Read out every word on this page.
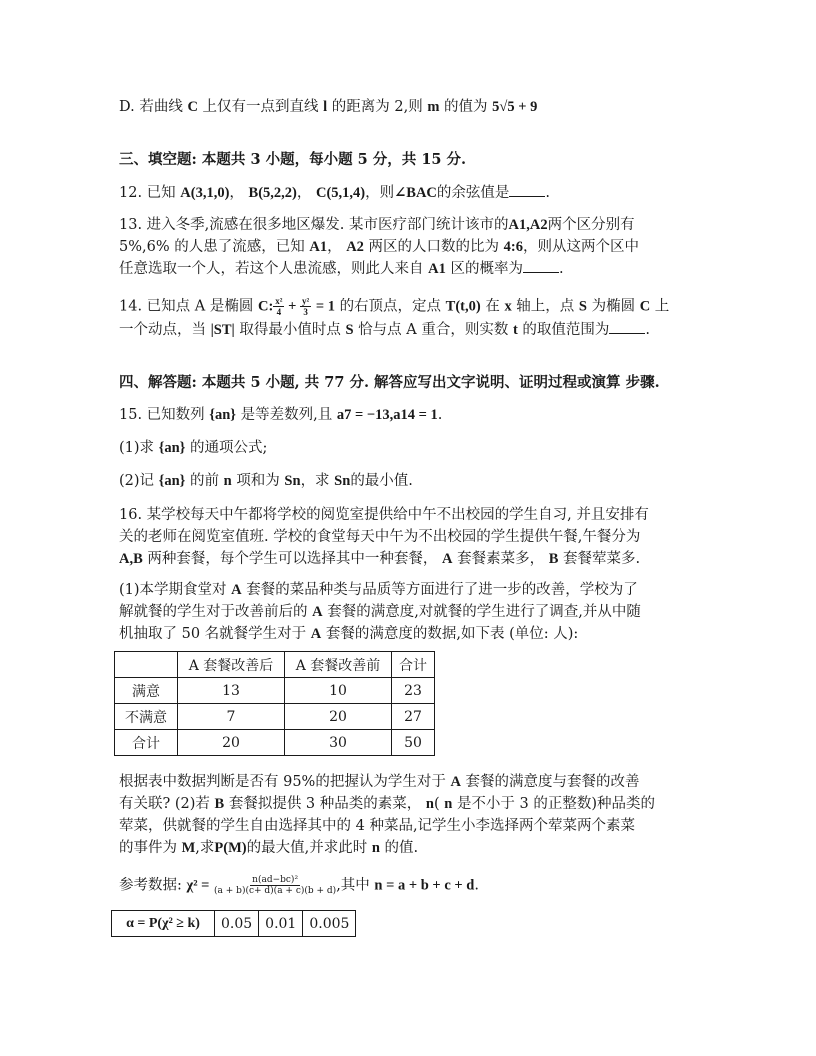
D. 若曲线 C 上仅有一点到直线 l 的距离为 2,则 m 的值为 5√5 + 9
三、填空题: 本题共 3 小题，每小题 5 分，共 15 分.
12. 已知 A(3,1,0)， B(5,2,2)， C(5,1,4)，则∠BAC的余弦值是 .
13. 进入冬季,流感在很多地区爆发. 某市医疗部门统计该市的A1,A2两个区分别有
5%,6% 的人患了流感，已知 A1， A2 两区的人口数的比为 4:6，则从这两个区中
任意选取一个人，若这个人患流感，则此人来自 A1 区的概率为 .
14. 已知点 A 是椭圆 C: $\frac{\text{x²}}{4} + \frac{\text{y²}}{3} = 1$ 的右顶点，定点 T(t,0) 在 x 轴上，点 S 为椭圆 C 上
一个动点，当 |ST| 取得最小值时点 S 恰与点 A 重合，则实数 t 的取值范围为 .
四、解答题: 本题共 5 小题, 共 77 分. 解答应写出文字说明、证明过程或演算 步骤.
15. 已知数列 {an} 是等差数列,且 a7 = −13,a14 = 1.
(1)求 {an} 的通项公式;
(2)记 {an} 的前 n 项和为 Sn，求 Sn的最小值.
16. 某学校每天中午都将学校的阅览室提供给中午不出校园的学生自习, 并且安排有
关的老师在阅览室值班. 学校的食堂每天中午为不出校园的学生提供午餐,午餐分为
A,B 两种套餐，每个学生可以选择其中一种套餐， A 套餐素菜多， B 套餐荤菜多.
(1)本学期食堂对 A 套餐的菜品种类与品质等方面进行了进一步的改善，学校为了
解就餐的学生对于改善前后的 A 套餐的满意度,对就餐的学生进行了调查,并从中随
机抽取了 50 名就餐学生对于 A 套餐的满意度的数据,如下表 (单位: 人):
	A 套餐改善后	A 套餐改善前	合计
满意	13	10	23
不满意	7	20	27
合计	20	30	50
根据表中数据判断是否有 95%的把握认为学生对于 A 套餐的满意度与套餐的改善
有关联? (2)若 B 套餐拟提供 3 种品类的素菜， n( n 是不小于 3 的正整数)种品类的
荤菜，供就餐的学生自由选择其中的 4 种菜品,记学生小李选择两个荤菜两个素菜
的事件为 M,求P(M)的最大值,并求此时 n 的值.
参考数据: $\chi^2 = \frac{\text{n(ad−bc)²}}{(a + b)(c+ d)(a + c)(b + d)}$ ,其中 n = a + b + c + d.
α = P(χ² ≥ k)	0.05	0.01	0.005
